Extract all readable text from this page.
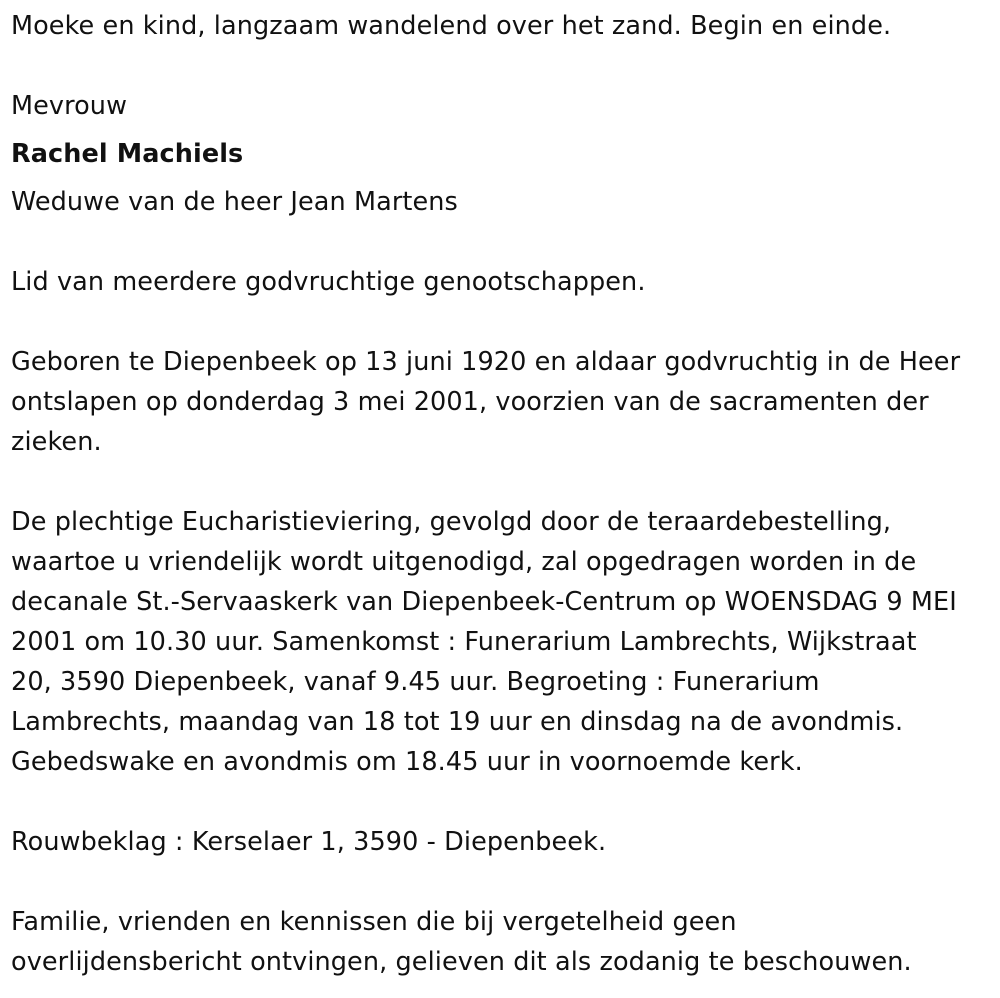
Moeke en kind, langzaam wandelend over het zand. Begin en einde.
Mevrouw
Rachel Machiels
Weduwe van de heer Jean Martens
Lid van meerdere godvruchtige genootschappen.
Geboren te Diepenbeek op 13 juni 1920 en aldaar godvruchtig in de Heer
ontslapen op donderdag 3 mei 2001, voorzien van de sacramenten der
zieken.
De plechtige Eucharistieviering, gevolgd door de teraardebestelling,
waartoe u vriendelijk wordt uitgenodigd, zal opgedragen worden in de
decanale St.-Servaaskerk van Diepenbeek-Centrum op WOENSDAG 9 MEI
2001 om 10.30 uur. Samenkomst : Funerarium Lambrechts, Wijkstraat
20, 3590 Diepenbeek, vanaf 9.45 uur. Begroeting : Funerarium
Lambrechts, maandag van 18 tot 19 uur en dinsdag na de avondmis.
Gebedswake en avondmis om 18.45 uur in voornoemde kerk.
Rouwbeklag : Kerselaer 1, 3590 - Diepenbeek.
Familie, vrienden en kennissen die bij vergetelheid geen
overlijdensbericht ontvingen, gelieven dit als zodanig te beschouwen.
